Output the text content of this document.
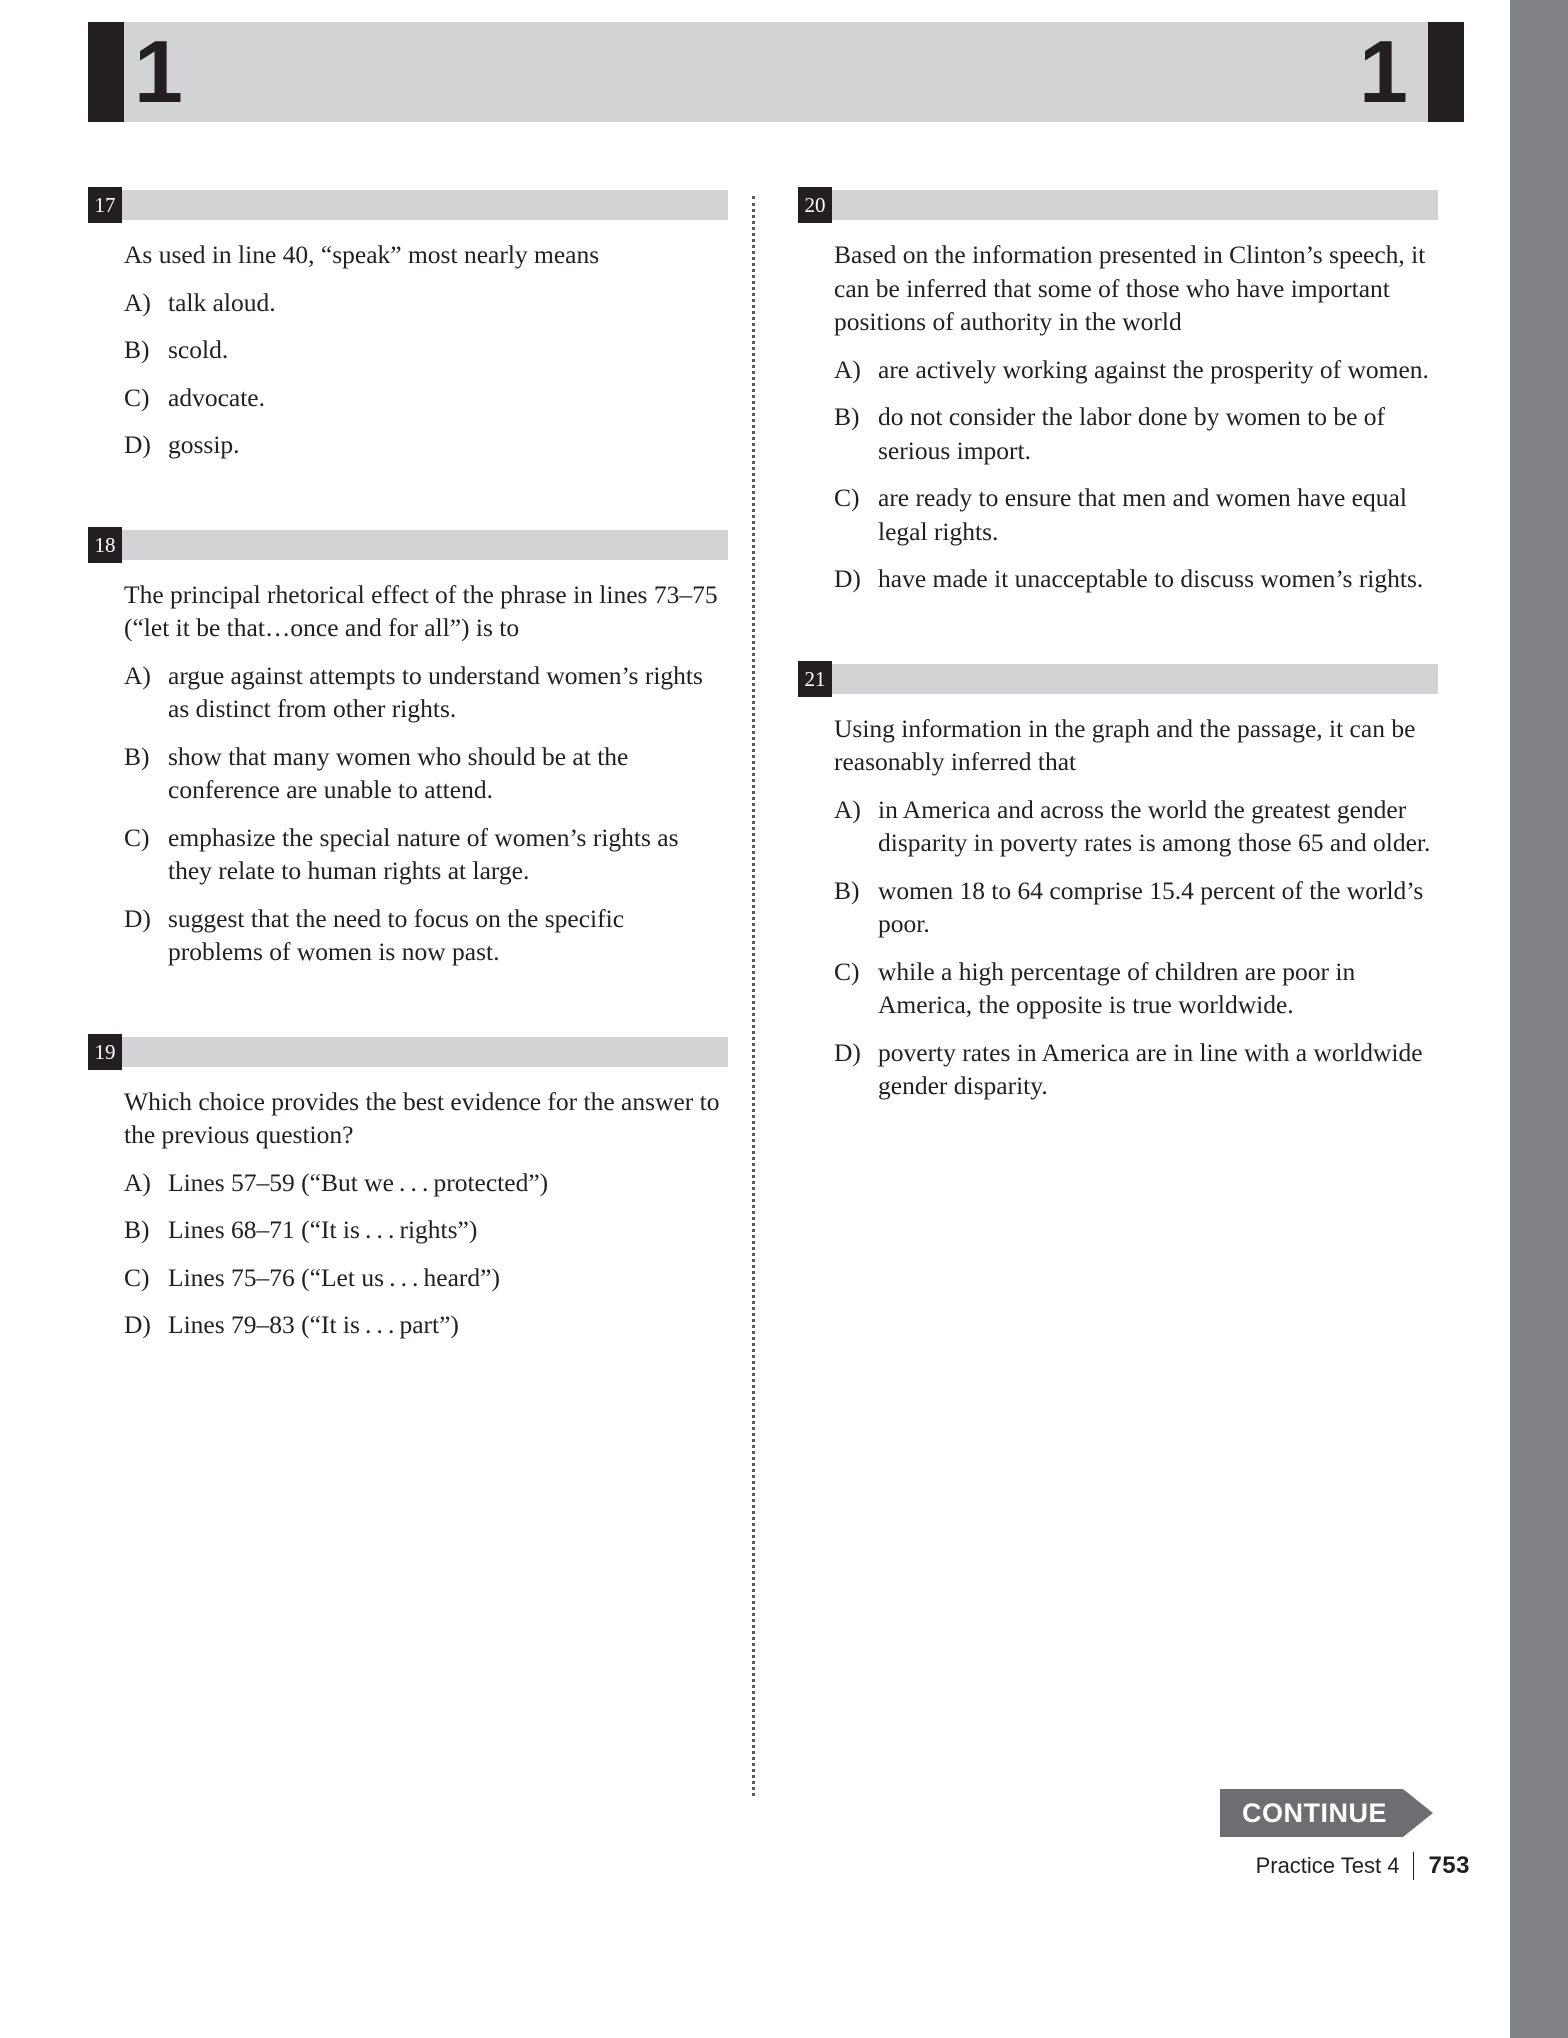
1	1
17
As used in line 40, “speak” most nearly means
A) talk aloud.
B) scold.
C) advocate.
D) gossip.
18
The principal rhetorical effect of the phrase in lines 73–75 (“let it be that…once and for all”) is to
A) argue against attempts to understand women’s rights as distinct from other rights.
B) show that many women who should be at the conference are unable to attend.
C) emphasize the special nature of women’s rights as they relate to human rights at large.
D) suggest that the need to focus on the specific problems of women is now past.
19
Which choice provides the best evidence for the answer to the previous question?
A) Lines 57–59 (“But we . . . protected”)
B) Lines 68–71 (“It is . . . rights”)
C) Lines 75–76 (“Let us . . . heard”)
D) Lines 79–83 (“It is . . . part”)
20
Based on the information presented in Clinton’s speech, it can be inferred that some of those who have important positions of authority in the world
A) are actively working against the prosperity of women.
B) do not consider the labor done by women to be of serious import.
C) are ready to ensure that men and women have equal legal rights.
D) have made it unacceptable to discuss women’s rights.
21
Using information in the graph and the passage, it can be reasonably inferred that
A) in America and across the world the greatest gender disparity in poverty rates is among those 65 and older.
B) women 18 to 64 comprise 15.4 percent of the world’s poor.
C) while a high percentage of children are poor in America, the opposite is true worldwide.
D) poverty rates in America are in line with a worldwide gender disparity.
CONTINUE
Practice Test 4 753
